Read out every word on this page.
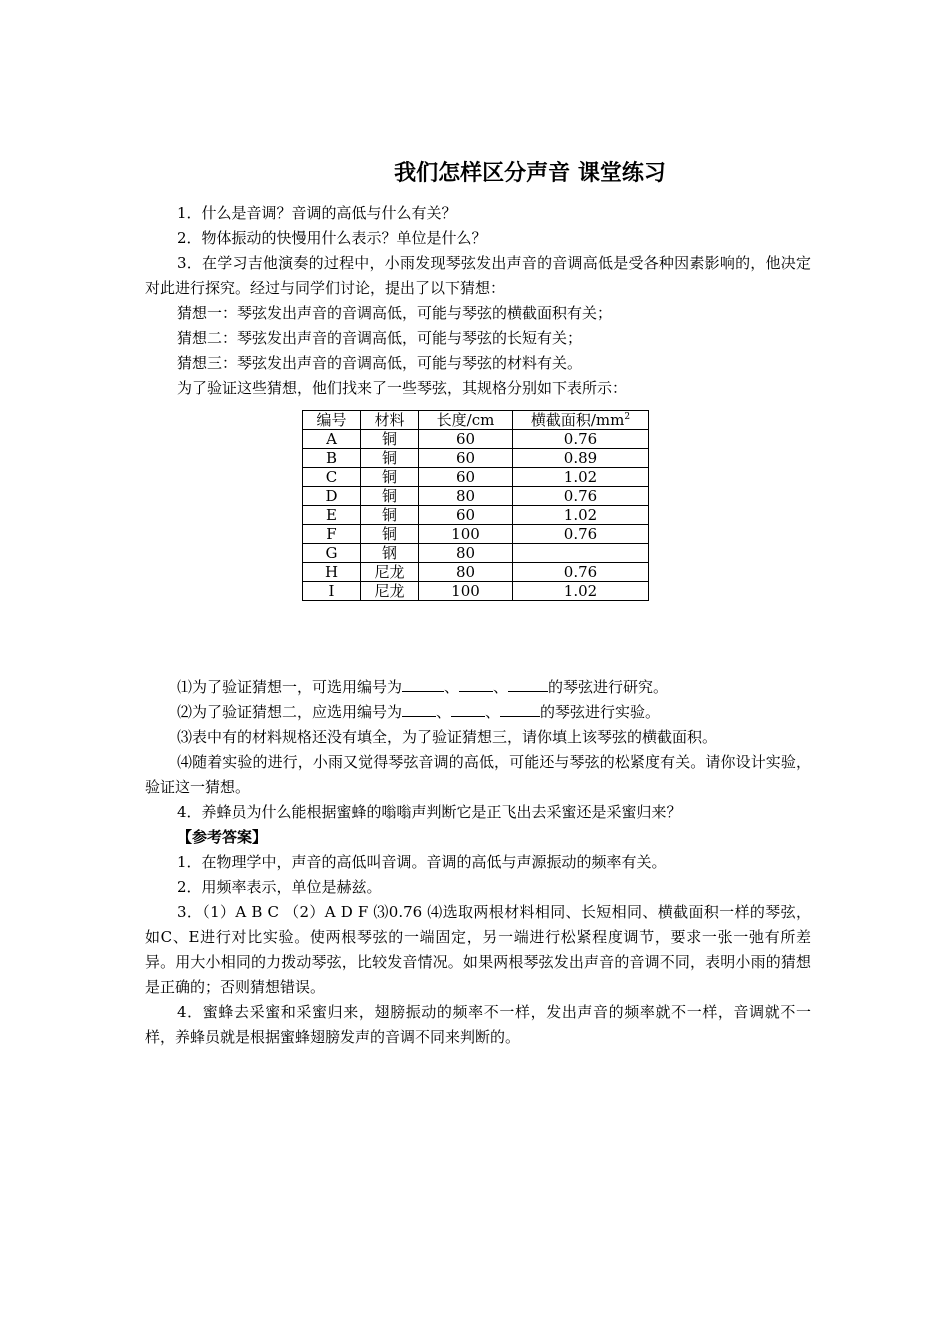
我们怎样区分声音 课堂练习
1．什么是音调？音调的高低与什么有关？
2．物体振动的快慢用什么表示？单位是什么？
3．在学习吉他演奏的过程中，小雨发现琴弦发出声音的音调高低是受各种因素影响的，他决定对此进行探究。经过与同学们讨论，提出了以下猜想：
猜想一：琴弦发出声音的音调高低，可能与琴弦的横截面积有关；
猜想二：琴弦发出声音的音调高低，可能与琴弦的长短有关；
猜想三：琴弦发出声音的音调高低，可能与琴弦的材料有关。
为了验证这些猜想，他们找来了一些琴弦，其规格分别如下表所示：
编号	材料	长度/cm	横截面积$/mm^2$
A	铜	60	0.76
B	铜	60	0.89
C	铜	60	1.02
D	铜	80	0.76
E	铜	60	1.02
F	铜	100	0.76
G	钢	80	
H	尼龙	80	0.76
I	尼龙	100	1.02
⑴为了验证猜想一，可选用编号为	、 、	的琴弦进行研究。
⑵为了验证猜想二，应选用编号为 、 、	的琴弦进行实验。
⑶表中有的材料规格还没有填全，为了验证猜想三，请你填上该琴弦的横截面积。
⑷随着实验的进行，小雨又觉得琴弦音调的高低，可能还与琴弦的松紧度有关。请你设计实验，验证这一猜想。
4．养蜂员为什么能根据蜜蜂的嗡嗡声判断它是正飞出去采蜜还是采蜜归来？
【参考答案】
1．在物理学中，声音的高低叫音调。音调的高低与声源振动的频率有关。
2．用频率表示，单位是赫兹。
3．（1）A B C （2）A D F ⑶0.76 ⑷选取两根材料相同、长短相同、横截面积一样的琴弦，如C、E进行对比实验。使两根琴弦的一端固定，另一端进行松紧程度调节，要求一张一弛有所差异。用大小相同的力拨动琴弦，比较发音情况。如果两根琴弦发出声音的音调不同，表明小雨的猜想是正确的；否则猜想错误。
4．蜜蜂去采蜜和采蜜归来，翅膀振动的频率不一样，发出声音的频率就不一样，音调就不一样，养蜂员就是根据蜜蜂翅膀发声的音调不同来判断的。
